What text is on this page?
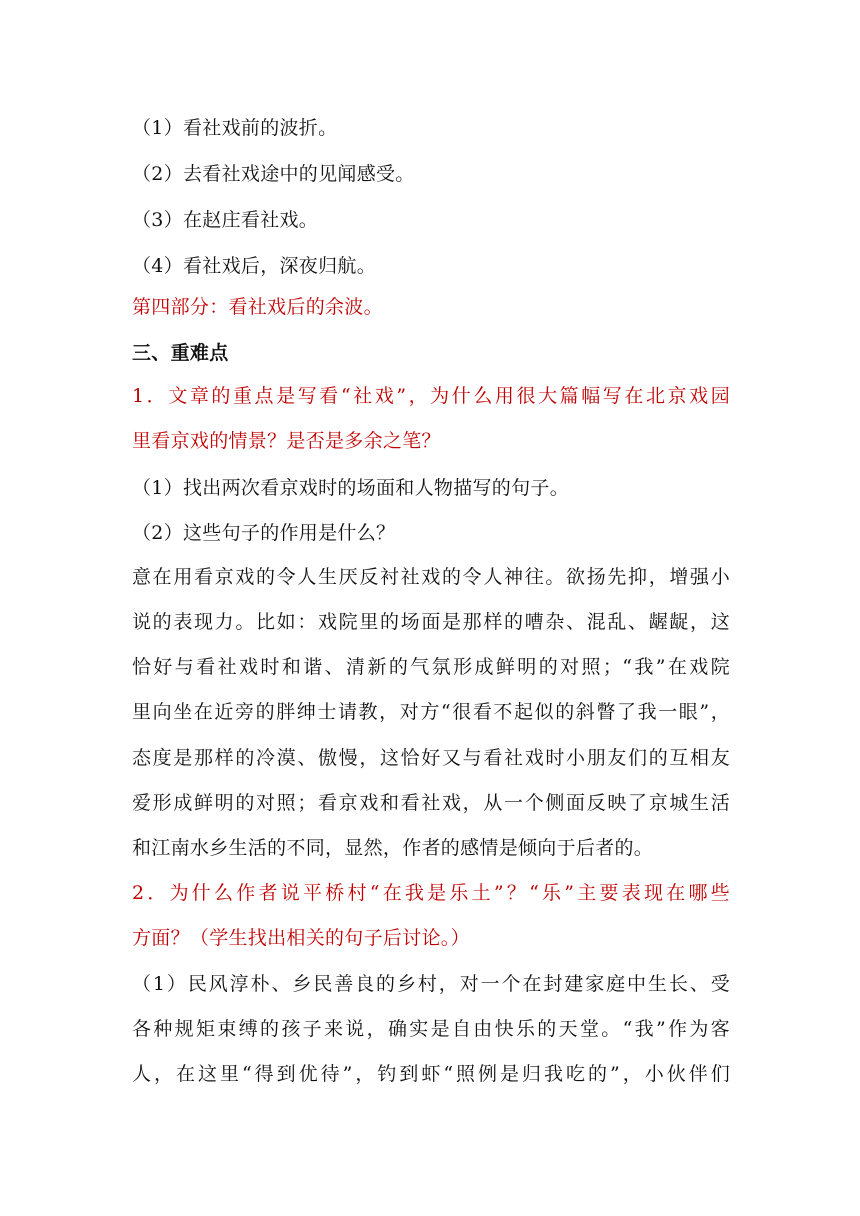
（1）看社戏前的波折。
（2）去看社戏途中的见闻感受。
（3）在赵庄看社戏。
（4）看社戏后，深夜归航。
第四部分：看社戏后的余波。
三、重难点
1．文章的重点是写看“社戏”，为什么用很大篇幅写在北京戏园
里看京戏的情景？是否是多余之笔？
（1）找出两次看京戏时的场面和人物描写的句子。
（2）这些句子的作用是什么？
意在用看京戏的令人生厌反衬社戏的令人神往。欲扬先抑，增强小
说的表现力。比如：戏院里的场面是那样的嘈杂、混乱、龌龊，这
恰好与看社戏时和谐、清新的气氛形成鲜明的对照；“我”在戏院
里向坐在近旁的胖绅士请教，对方“很看不起似的斜瞥了我一眼”，
态度是那样的冷漠、傲慢，这恰好又与看社戏时小朋友们的互相友
爱形成鲜明的对照；看京戏和看社戏，从一个侧面反映了京城生活
和江南水乡生活的不同，显然，作者的感情是倾向于后者的。
2．为什么作者说平桥村“在我是乐土”？“乐”主要表现在哪些
方面？（学生找出相关的句子后讨论。）
（1）民风淳朴、乡民善良的乡村，对一个在封建家庭中生长、受
各种规矩束缚的孩子来说，确实是自由快乐的天堂。“我”作为客
人，在这里“得到优待”，钓到虾“照例是归我吃的”，小伙伴们
